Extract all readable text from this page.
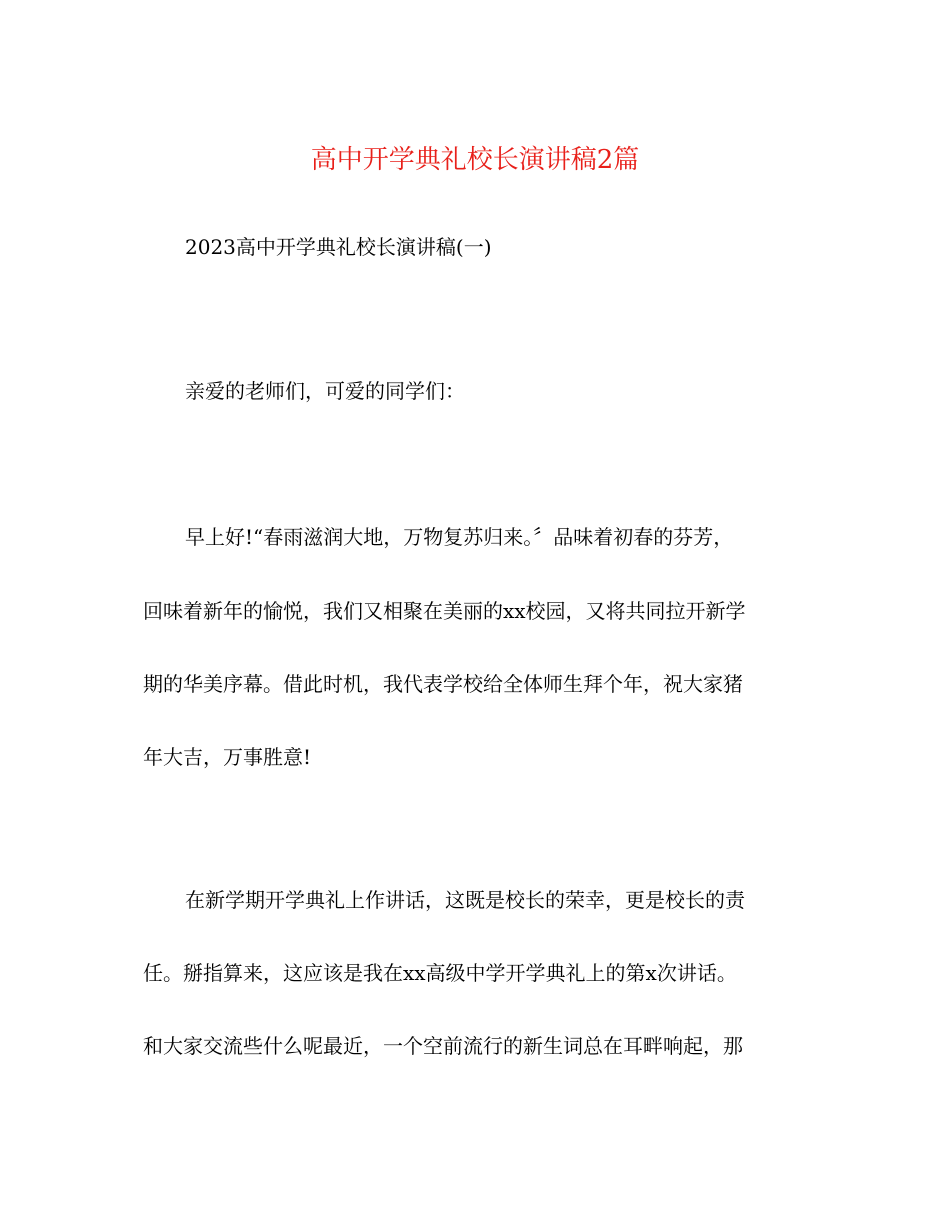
高中开学典礼校长演讲稿2篇
2023高中开学典礼校长演讲稿(一)
亲爱的老师们，可爱的同学们：
早上好!“春雨滋润大地，万物复苏归来。〞品味着初春的芬芳，
回味着新年的愉悦，我们又相聚在美丽的xx校园，又将共同拉开新学
期的华美序幕。借此时机，我代表学校给全体师生拜个年，祝大家猪
年大吉，万事胜意!
在新学期开学典礼上作讲话，这既是校长的荣幸，更是校长的责
任。掰指算来，这应该是我在xx高级中学开学典礼上的第x次讲话。
和大家交流些什么呢最近，一个空前流行的新生词总在耳畔响起，那
